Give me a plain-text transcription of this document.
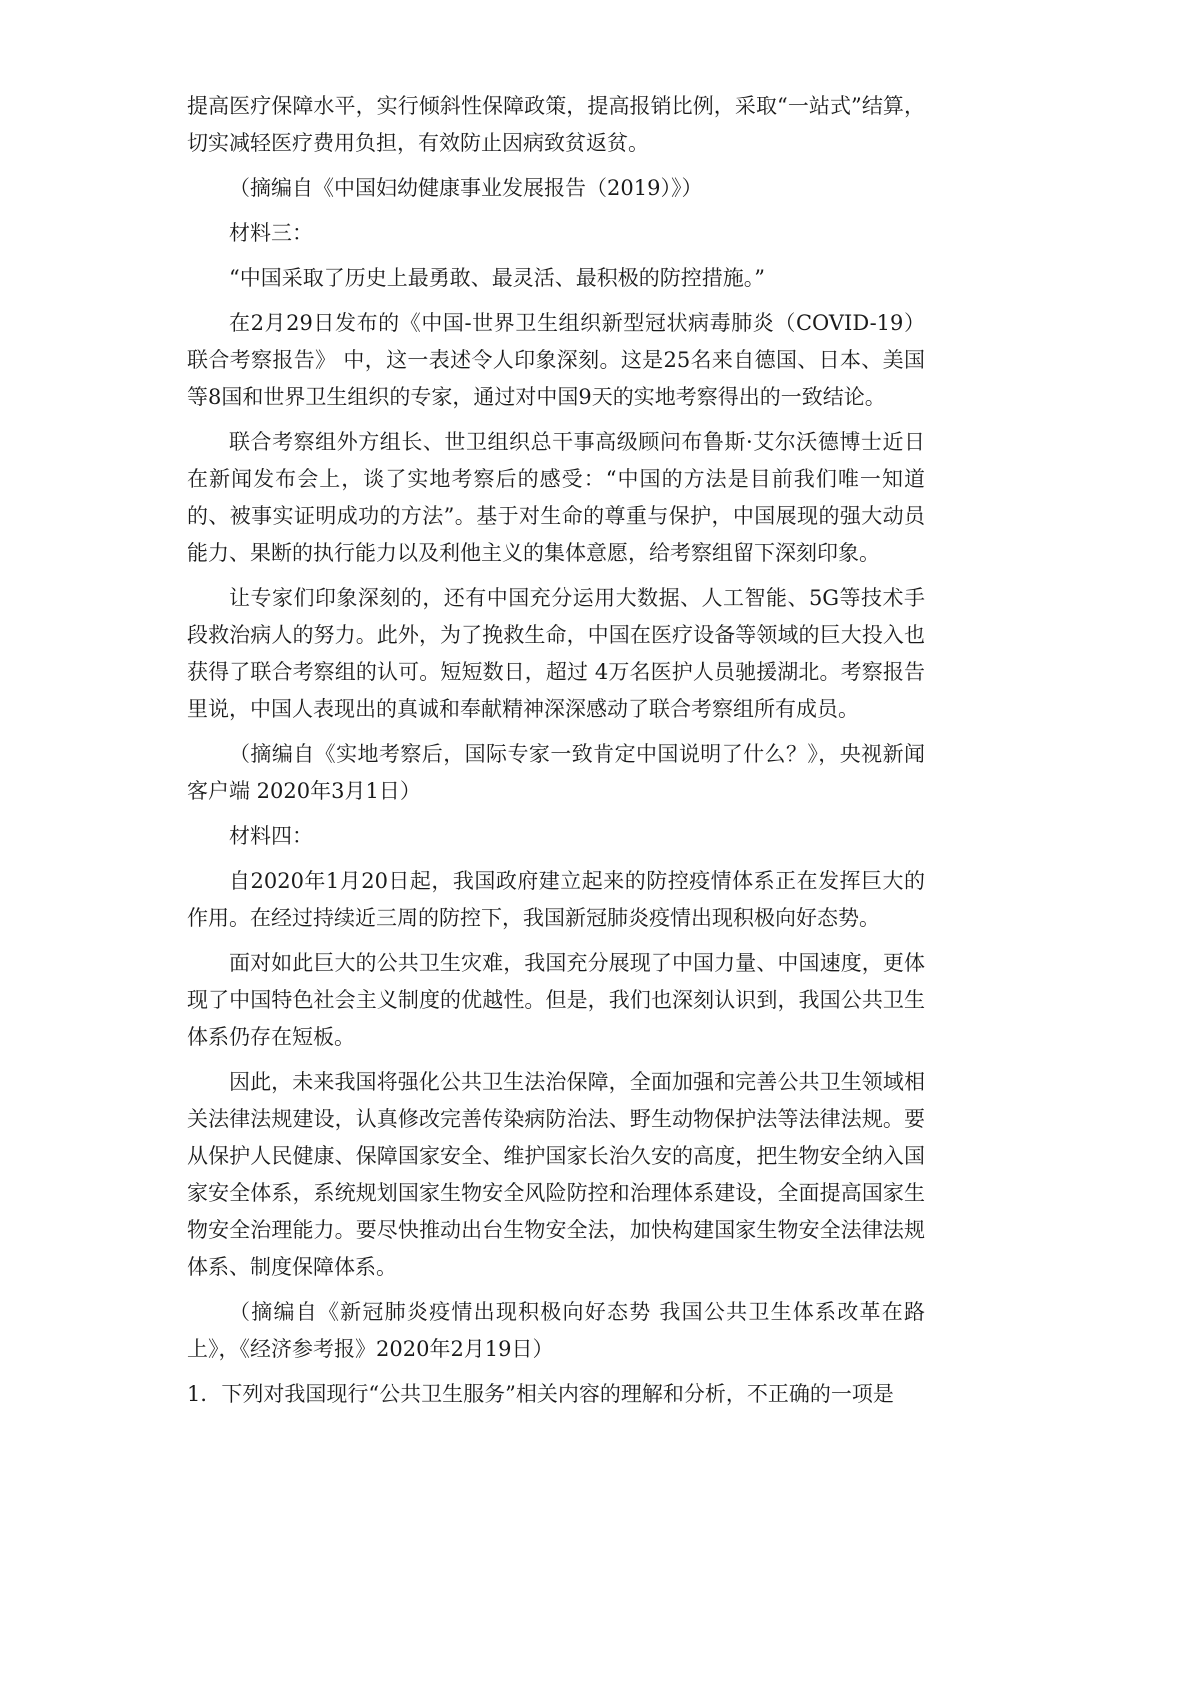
提高医疗保障水平，实行倾斜性保障政策，提高报销比例，采取“一站式”结算，切实减轻医疗费用负担，有效防止因病致贫返贫。

（摘编自《中国妇幼健康事业发展报告（2019）》）

材料三：

“中国采取了历史上最勇敢、最灵活、最积极的防控措施。”

在2月29日发布的《中国-世界卫生组织新型冠状病毒肺炎（COVID-19）联合考察报告》 中，这一表述令人印象深刻。这是25名来自德国、日本、美国等8国和世界卫生组织的专家，通过对中国9天的实地考察得出的一致结论。

联合考察组外方组长、世卫组织总干事高级顾问布鲁斯·艾尔沃德博士近日在新闻发布会上，谈了实地考察后的感受：“中国的方法是目前我们唯一知道的、被事实证明成功的方法”。基于对生命的尊重与保护，中国展现的强大动员能力、果断的执行能力以及利他主义的集体意愿，给考察组留下深刻印象。

让专家们印象深刻的，还有中国充分运用大数据、人工智能、5G等技术手段救治病人的努力。此外，为了挽救生命，中国在医疗设备等领域的巨大投入也获得了联合考察组的认可。短短数日，超过 4万名医护人员驰援湖北。考察报告里说，中国人表现出的真诚和奉献精神深深感动了联合考察组所有成员。

（摘编自《实地考察后，国际专家一致肯定中国说明了什么？》，央视新闻客户端 2020年3月1日）

材料四：

自2020年1月20日起，我国政府建立起来的防控疫情体系正在发挥巨大的作用。在经过持续近三周的防控下，我国新冠肺炎疫情出现积极向好态势。

面对如此巨大的公共卫生灾难，我国充分展现了中国力量、中国速度，更体现了中国特色社会主义制度的优越性。但是，我们也深刻认识到，我国公共卫生体系仍存在短板。

因此，未来我国将强化公共卫生法治保障，全面加强和完善公共卫生领域相关法律法规建设，认真修改完善传染病防治法、野生动物保护法等法律法规。要从保护人民健康、保障国家安全、维护国家长治久安的高度，把生物安全纳入国家安全体系，系统规划国家生物安全风险防控和治理体系建设，全面提高国家生物安全治理能力。要尽快推动出台生物安全法，加快构建国家生物安全法律法规体系、制度保障体系。

（摘编自《新冠肺炎疫情出现积极向好态势 我国公共卫生体系改革在路上》，《经济参考报》2020年2月19日）

1．下列对我国现行“公共卫生服务”相关内容的理解和分析，不正确的一项是
